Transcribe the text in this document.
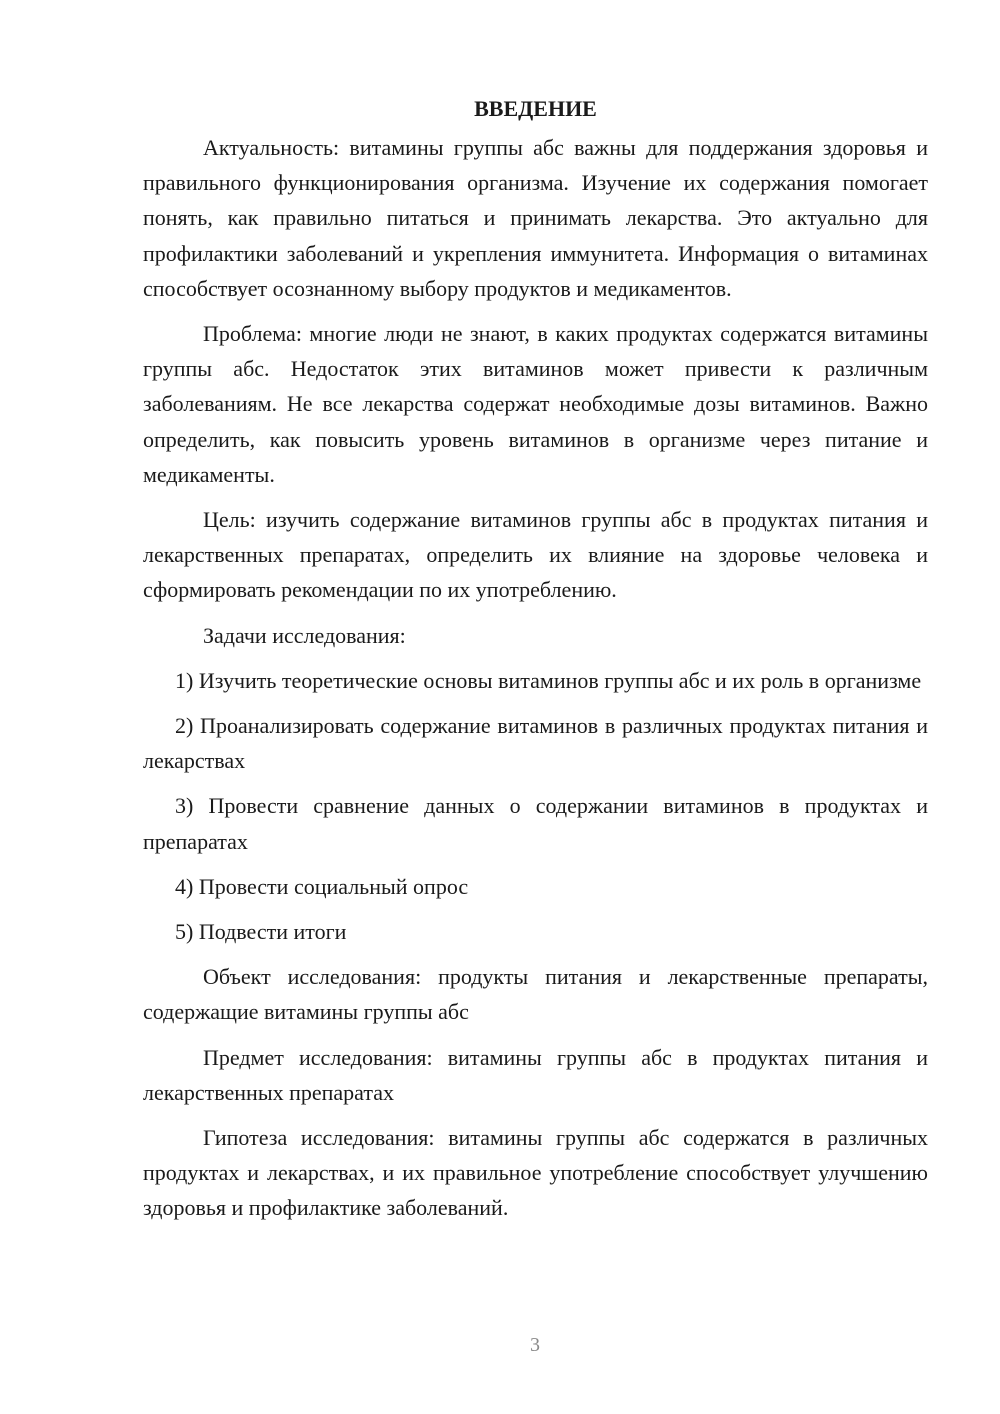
ВВЕДЕНИЕ

Актуальность: витамины группы абс важны для поддержания здоровья и правильного функционирования организма. Изучение их содержания помогает понять, как правильно питаться и принимать лекарства. Это актуально для профилактики заболеваний и укрепления иммунитета. Информация о витаминах способствует осознанному выбору продуктов и медикаментов.

Проблема: многие люди не знают, в каких продуктах содержатся витамины группы абс. Недостаток этих витаминов может привести к различным заболеваниям. Не все лекарства содержат необходимые дозы витаминов. Важно определить, как повысить уровень витаминов в организме через питание и медикаменты.

Цель: изучить содержание витаминов группы абс в продуктах питания и лекарственных препаратах, определить их влияние на здоровье человека и сформировать рекомендации по их употреблению.

Задачи исследования:

1) Изучить теоретические основы витаминов группы абс и их роль в организме

2) Проанализировать содержание витаминов в различных продуктах питания и лекарствах

3) Провести сравнение данных о содержании витаминов в продуктах и препаратах

4) Провести социальный опрос

5) Подвести итоги

Объект исследования: продукты питания и лекарственные препараты, содержащие витамины группы абс

Предмет исследования: витамины группы абс в продуктах питания и лекарственных препаратах

Гипотеза исследования: витамины группы абс содержатся в различных продуктах и лекарствах, и их правильное употребление способствует улучшению здоровья и профилактике заболеваний.

3
